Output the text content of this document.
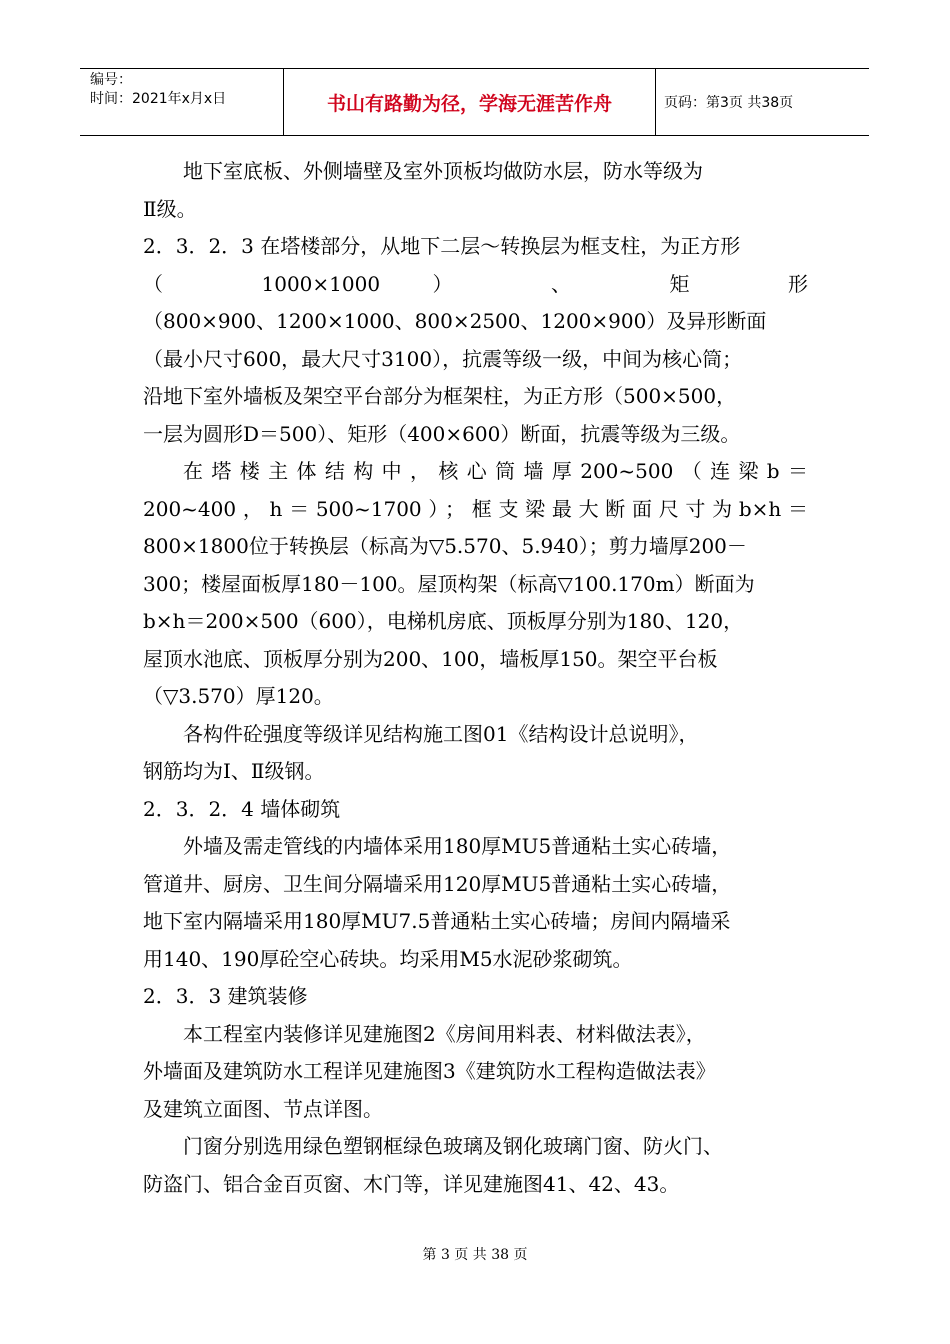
编号：
时间：2021年x月x日	书山有路勤为径，学海无涯苦作舟	页码：第3页 共38页

地下室底板、外侧墙壁及室外顶板均做防水层，防水等级为

Ⅱ级。

2．3．2．3 在塔楼部分，从地下二层～转换层为框支柱，为正方形

（ 1000×1000 ） 、 矩 形

（800×900、1200×1000、800×2500、1200×900）及异形断面

（最小尺寸600，最大尺寸3100），抗震等级一级，中间为核心筒；

沿地下室外墙板及架空平台部分为框架柱，为正方形（500×500，

一层为圆形D＝500）、矩形（400×600）断面，抗震等级为三级。

在塔楼主体结构中，核心筒墙厚200~500（连梁b＝

200~400，h＝500~1700）；框支梁最大断面尺寸为b×h＝

800×1800位于转换层（标高为▽5.570、5.940）；剪力墙厚200－

300；楼屋面板厚180－100。屋顶构架（标高▽100.170m）断面为

b×h＝200×500（600），电梯机房底、顶板厚分别为180、120，

屋顶水池底、顶板厚分别为200、100，墙板厚150。架空平台板

（▽3.570）厚120。

各构件砼强度等级详见结构施工图01《结构设计总说明》，

钢筋均为Ⅰ、Ⅱ级钢。

2．3．2．4 墙体砌筑

外墙及需走管线的内墙体采用180厚MU5普通粘土实心砖墙，

管道井、厨房、卫生间分隔墙采用120厚MU5普通粘土实心砖墙，

地下室内隔墙采用180厚MU7.5普通粘土实心砖墙；房间内隔墙采

用140、190厚砼空心砖块。均采用M5水泥砂浆砌筑。

2．3．3 建筑装修

本工程室内装修详见建施图2《房间用料表、材料做法表》，

外墙面及建筑防水工程详见建施图3《建筑防水工程构造做法表》

及建筑立面图、节点详图。

门窗分别选用绿色塑钢框绿色玻璃及钢化玻璃门窗、防火门、

防盗门、铝合金百页窗、木门等，详见建施图41、42、43。

第 3 页 共 38 页
